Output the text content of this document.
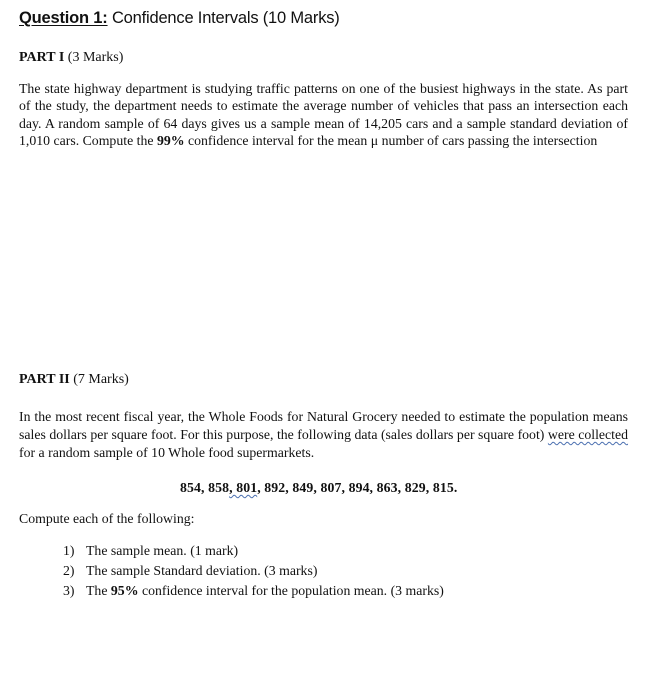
Question 1: Confidence Intervals (10 Marks)
PART I (3 Marks)

The state highway department is studying traffic patterns on one of the busiest highways in the state. As part of the study, the department needs to estimate the average number of vehicles that pass an intersection each day. A random sample of 64 days gives us a sample mean of 14,205 cars and a sample standard deviation of 1,010 cars. Compute the 99% confidence interval for the mean μ number of cars passing the intersection

PART II (7 Marks)

In the most recent fiscal year, the Whole Foods for Natural Grocery needed to estimate the population means sales dollars per square foot. For this purpose, the following data (sales dollars per square foot) were collected for a random sample of 10 Whole food supermarkets.

854, 858, 801, 892, 849, 807, 894, 863, 829, 815.
Compute each of the following:
1) The sample mean. (1 mark)
2) The sample Standard deviation. (3 marks)
3) The 95% confidence interval for the population mean. (3 marks)
